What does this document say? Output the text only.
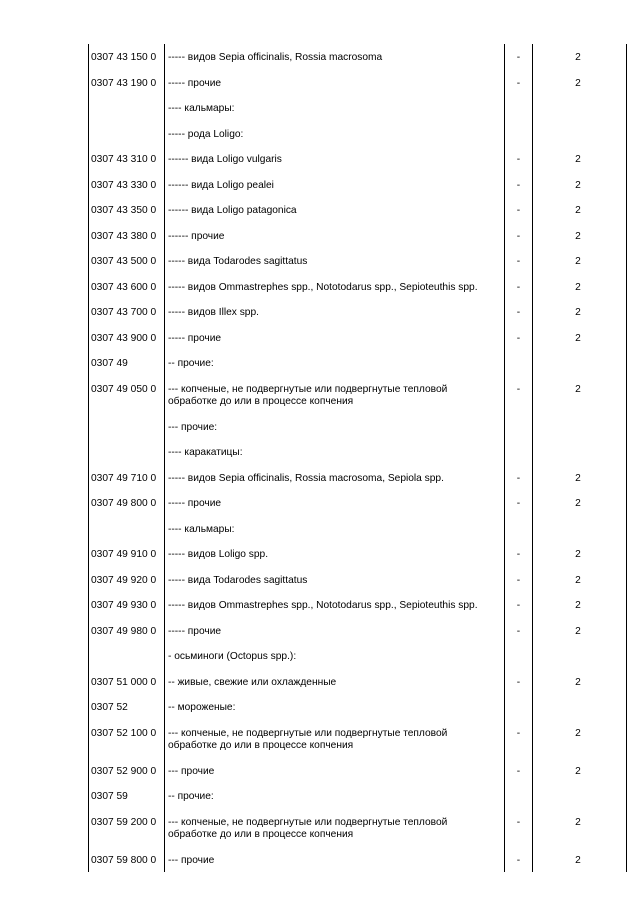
0307 43 150 0	----- видов Sepia officinalis, Rossia macrosoma	-	2
0307 43 190 0	----- прочие	-	2
	---- кальмары:		
	----- рода Loligo:		
0307 43 310 0	------ вида Loligo vulgaris	-	2
0307 43 330 0	------ вида Loligo pealei	-	2
0307 43 350 0	------ вида Loligo patagonica	-	2
0307 43 380 0	------ прочие	-	2
0307 43 500 0	----- вида Todarodes sagittatus	-	2
0307 43 600 0	----- видов Ommastrephes spp., Nototodarus spp., Sepioteuthis spp.	-	2
0307 43 700 0	----- видов Illex spp.	-	2
0307 43 900 0	----- прочие	-	2
0307 49	-- прочие:		
0307 49 050 0	--- копченые, не подвергнутые или подвергнутые тепловой обработке до или в процессе копчения	-	2
	--- прочие:		
	---- каракатицы:		
0307 49 710 0	----- видов Sepia officinalis, Rossia macrosoma, Sepiola spp.	-	2
0307 49 800 0	----- прочие	-	2
	---- кальмары:		
0307 49 910 0	----- видов Loligo spp.	-	2
0307 49 920 0	----- вида Todarodes sagittatus	-	2
0307 49 930 0	----- видов Ommastrephes spp., Nototodarus spp., Sepioteuthis spp.	-	2
0307 49 980 0	----- прочие	-	2
	- осьминоги (Octopus spp.):		
0307 51 000 0	-- живые, свежие или охлажденные	-	2
0307 52	-- мороженые:		
0307 52 100 0	--- копченые, не подвергнутые или подвергнутые тепловой обработке до или в процессе копчения	-	2
0307 52 900 0	--- прочие	-	2
0307 59	-- прочие:		
0307 59 200 0	--- копченые, не подвергнутые или подвергнутые тепловой обработке до или в процессе копчения	-	2
0307 59 800 0	--- прочие	-	2
